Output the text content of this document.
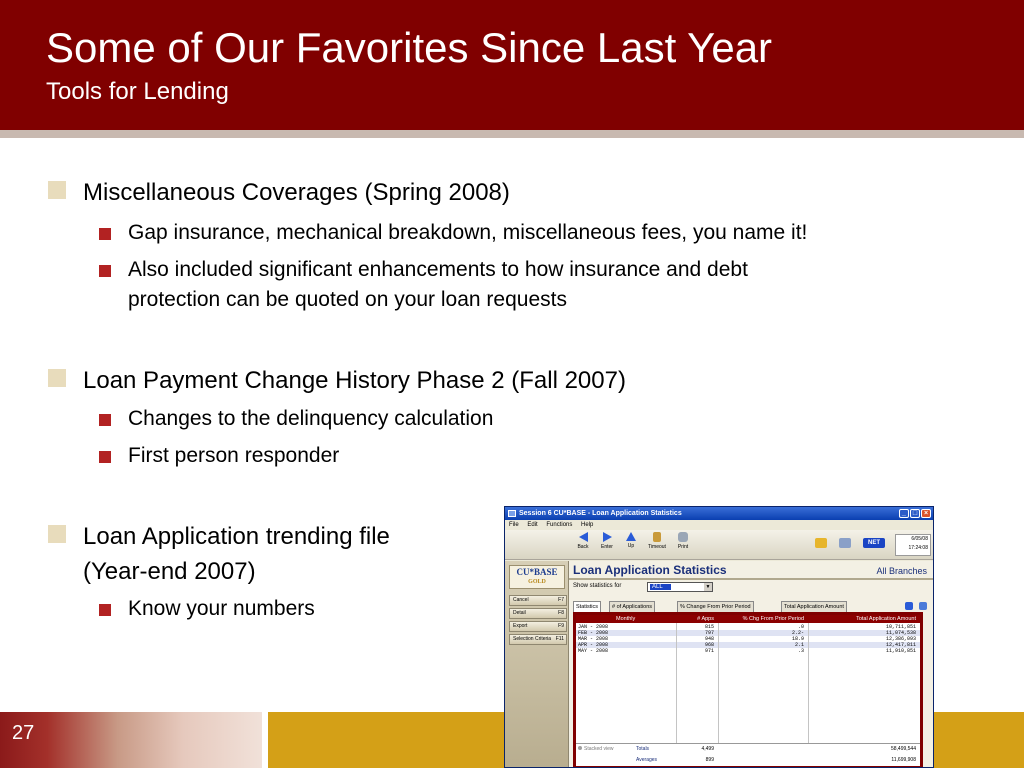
Some of Our Favorites Since Last Year
Tools for Lending
Miscellaneous Coverages (Spring 2008)
Gap insurance, mechanical breakdown, miscellaneous fees, you name it!
Also included significant enhancements to how insurance and debt
protection can be quoted on your loan requests
Loan Payment Change History Phase 2 (Fall 2007)
Changes to the delinquency calculation
First person responder
Loan Application trending file
(Year-end 2007)
Know your numbers
27
Session 6 CU*BASE - Loan Application Statistics	_ □ ×
File Edit Functions Help
Back	Enter	Up	Timeout	Print
NET
6/05/08
17:24:08
CU*BASE
GOLD
Cancel	F7
Detail	F8
Export	F9
Selection Criteria F11
Loan Application Statistics	All Branches
Show statistics for	ALL	▼
Statistics	# of Applications	% Change From Prior Period	Total Application Amount
Monthly	# Apps	% Chg From Prior Period	Total Application Amount
JAN - 2008	815	.0	10,711,851
FEB - 2008	797	2.2-	11,074,538
MAR - 2008	948	18.9	12,386,093
APR - 2008	968	2.1	12,417,811
MAY - 2008	971	.3	11,910,851
Stacked view	Totals	4,499	58,499,544
Averages	899	11,699,908
